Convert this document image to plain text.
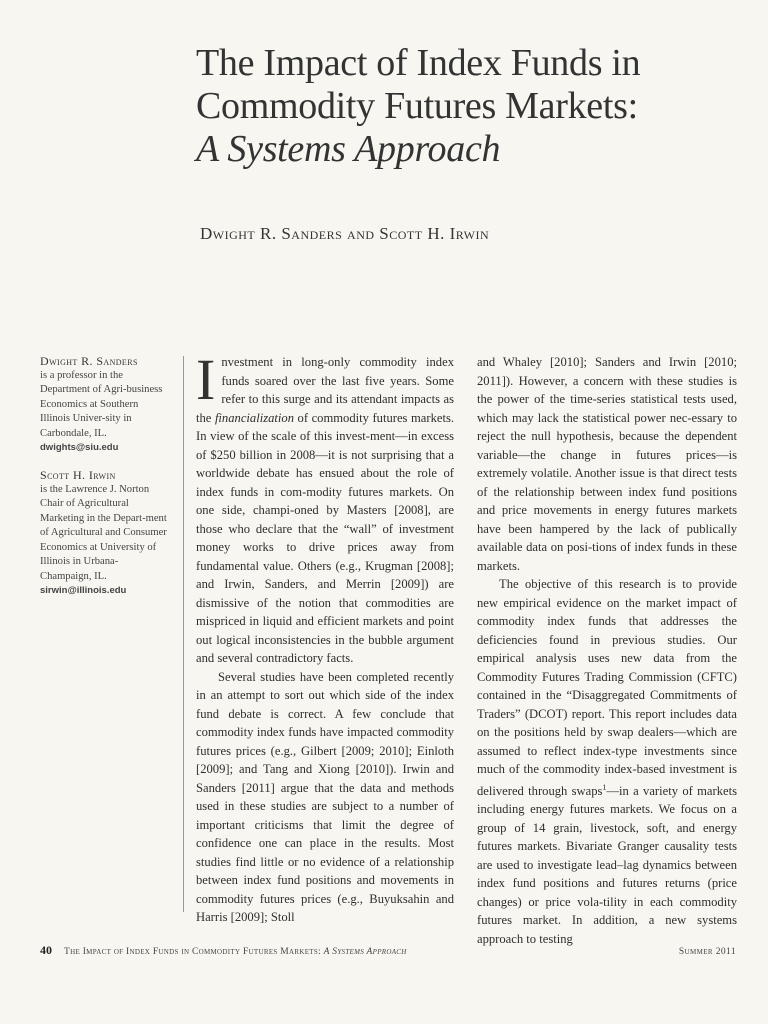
The Impact of Index Funds in
Commodity Futures Markets:
A Systems Approach
Dwight R. Sanders and Scott H. Irwin
Dwight R. Sanders
is a professor in the Department of Agri-business Economics at Southern Illinois Univer-sity in Carbondale, IL.
dwights@siu.edu
Scott H. Irwin
is the Lawrence J. Norton Chair of Agricultural Marketing in the Depart-ment of Agricultural and Consumer Economics at University of Illinois in Urbana-Champaign, IL.
sirwin@illinois.edu

Investment in long-only commodity index funds soared over the last five years. Some refer to this surge and its attendant impacts as the financialization of commodity futures markets. In view of the scale of this invest-ment—in excess of $250 billion in 2008—it is not surprising that a worldwide debate has ensued about the role of index funds in com-modity futures markets. On one side, champi-oned by Masters [2008], are those who declare that the “wall” of investment money works to drive prices away from fundamental value. Others (e.g., Krugman [2008]; and Irwin, Sanders, and Merrin [2009]) are dismissive of the notion that commodities are mispriced in liquid and efficient markets and point out logical inconsistencies in the bubble argument and several contradictory facts.

Several studies have been completed recently in an attempt to sort out which side of the index fund debate is correct. A few conclude that commodity index funds have impacted commodity futures prices (e.g., Gilbert [2009; 2010]; Einloth [2009]; and Tang and Xiong [2010]). Irwin and Sanders [2011] argue that the data and methods used in these studies are subject to a number of important criticisms that limit the degree of confidence one can place in the results. Most studies find little or no evidence of a relationship between index fund positions and movements in commodity futures prices (e.g., Buyuksahin and Harris [2009]; Stoll

and Whaley [2010]; Sanders and Irwin [2010; 2011]). However, a concern with these studies is the power of the time-series statistical tests used, which may lack the statistical power nec-essary to reject the null hypothesis, because the dependent variable—the change in futures prices—is extremely volatile. Another issue is that direct tests of the relationship between index fund positions and price movements in energy futures markets have been hampered by the lack of publically available data on posi-tions of index funds in these markets.

The objective of this research is to provide new empirical evidence on the market impact of commodity index funds that addresses the deficiencies found in previous studies. Our empirical analysis uses new data from the Commodity Futures Trading Commission (CFTC) contained in the “Disaggregated Commitments of Traders” (DCOT) report. This report includes data on the positions held by swap dealers—which are assumed to reflect index-type investments since much of the commodity index-based investment is delivered through swaps$^1$—in a variety of markets including energy futures markets. We focus on a group of 14 grain, livestock, soft, and energy futures markets. Bivariate Granger causality tests are used to investigate lead–lag dynamics between index fund positions and futures returns (price changes) or price vola-tility in each commodity futures market. In addition, a new systems approach to testing

40 The Impact of Index Funds in Commodity Futures Markets: A Systems Approach	Summer 2011
